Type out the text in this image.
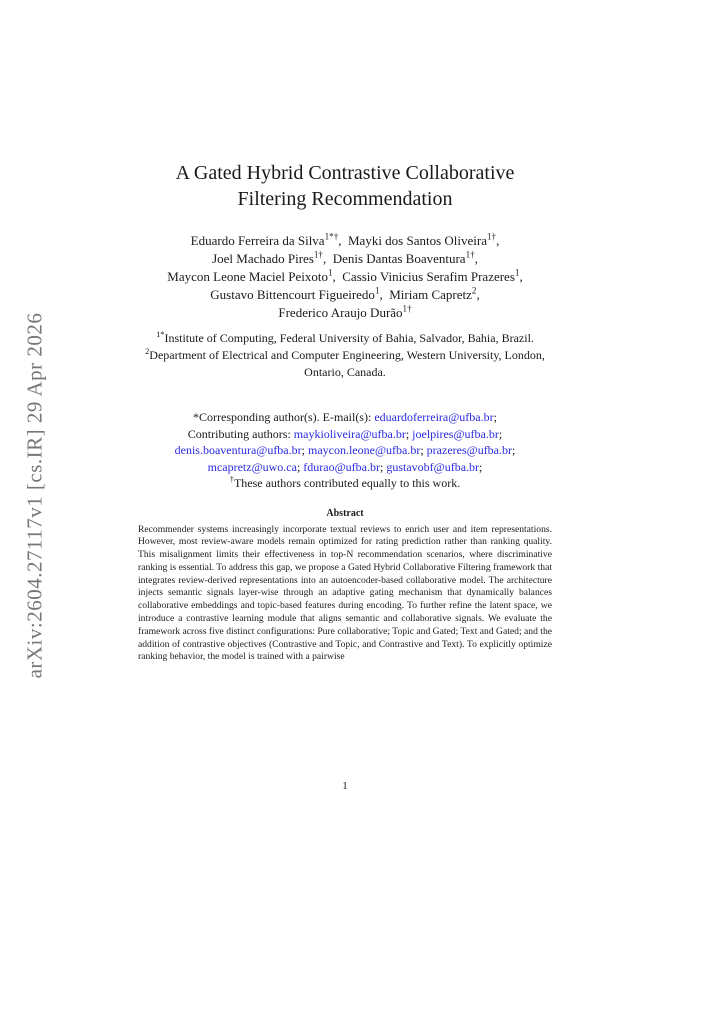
arXiv:2604.27117v1 [cs.IR] 29 Apr 2026
A Gated Hybrid Contrastive Collaborative
Filtering Recommendation
Eduardo Ferreira da Silva$^{1*\dagger}$,  Mayki dos Santos Oliveira$^{1\dagger}$,
Joel Machado Pires$^{1\dagger}$,  Denis Dantas Boaventura$^{1\dagger}$,
Maycon Leone Maciel Peixoto$^1$,  Cassio Vinicius Serafim Prazeres$^1$,
Gustavo Bittencourt Figueiredo$^1$,  Miriam Capretz$^2$,
Frederico Araujo Durão$^{1\dagger}$
$^{1*}$Institute of Computing, Federal University of Bahia, Salvador, Bahia, Brazil.
$^2$Department of Electrical and Computer Engineering, Western University, London, Ontario, Canada.
*Corresponding author(s). E-mail(s): eduardoferreira@ufba.br;
Contributing authors: maykioliveira@ufba.br; joelpires@ufba.br;
denis.boaventura@ufba.br; maycon.leone@ufba.br; prazeres@ufba.br;
mcapretz@uwo.ca; fdurao@ufba.br; gustavobf@ufba.br;
†These authors contributed equally to this work.
Abstract
Recommender systems increasingly incorporate textual reviews to enrich user and item representations. However, most review-aware models remain optimized for rating prediction rather than ranking quality. This misalignment limits their effectiveness in top-N recommendation scenarios, where discriminative ranking is essential. To address this gap, we propose a Gated Hybrid Collaborative Filtering framework that integrates review-derived representations into an autoencoder-based collaborative model. The architecture injects semantic signals layer-wise through an adaptive gating mechanism that dynamically balances collaborative embeddings and topic-based features during encoding. To further refine the latent space, we introduce a contrastive learning module that aligns semantic and collaborative signals. We evaluate the framework across five distinct configurations: Pure collaborative; Topic and Gated; Text and Gated; and the addition of contrastive objectives (Contrastive and Topic, and Contrastive and Text). To explicitly optimize ranking behavior, the model is trained with a pairwise
1
